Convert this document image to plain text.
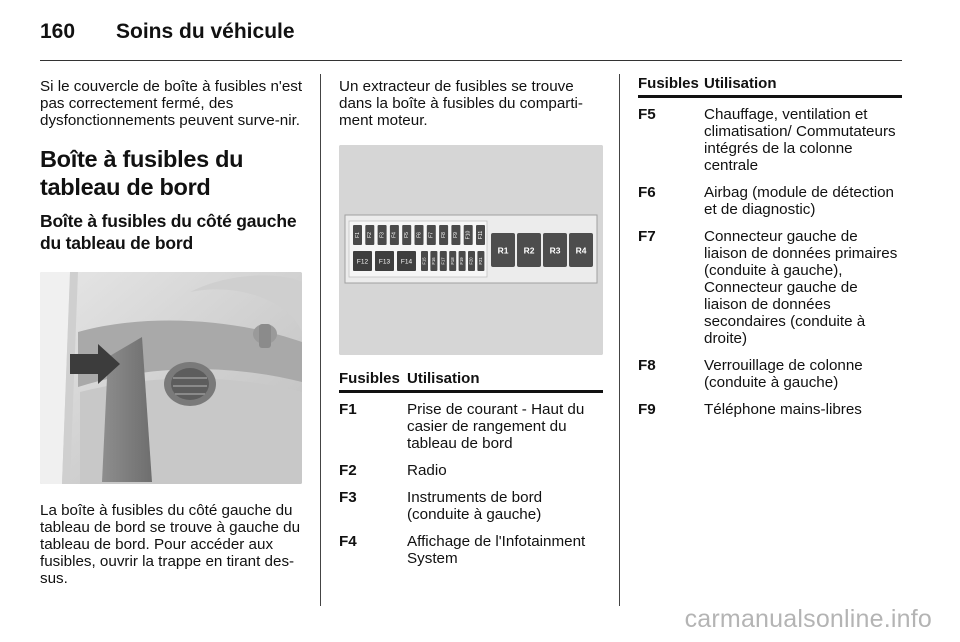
160 Soins du véhicule

Si le couvercle de boîte à fusibles n'est pas correctement fermé, des dysfonctionnements peuvent surve-nir.

Boîte à fusibles du tableau de bord
Boîte à fusibles du côté gauche du tableau de bord

La boîte à fusibles du côté gauche du tableau de bord se trouve à gauche du tableau de bord. Pour accéder aux fusibles, ouvrir la trappe en tirant des-sus.

Un extracteur de fusibles se trouve dans la boîte à fusibles du comparti-ment moteur.

F1 F2 F3 F4 F5 F6 F7 F8 F9 F10 F11
F12 F13 F14 F15 F16 F17 F18 F19 F20 F21
R1 R2 R3 R4
Fusibles Utilisation
F1	Prise de courant - Haut du casier de rangement du tableau de bord
F2	Radio
F3	Instruments de bord (conduite à gauche)
F4	Affichage de l'Infotainment System
Fusibles Utilisation
F5	Chauffage, ventilation et climatisation/ Commutateurs intégrés de la colonne centrale
F6	Airbag (module de détection et de diagnostic)
F7	Connecteur gauche de liaison de données primaires (conduite à gauche), Connecteur gauche de liaison de données secondaires (conduite à droite)
F8	Verrouillage de colonne (conduite à gauche)
F9	Téléphone mains-libres
carmanualsonline.info
